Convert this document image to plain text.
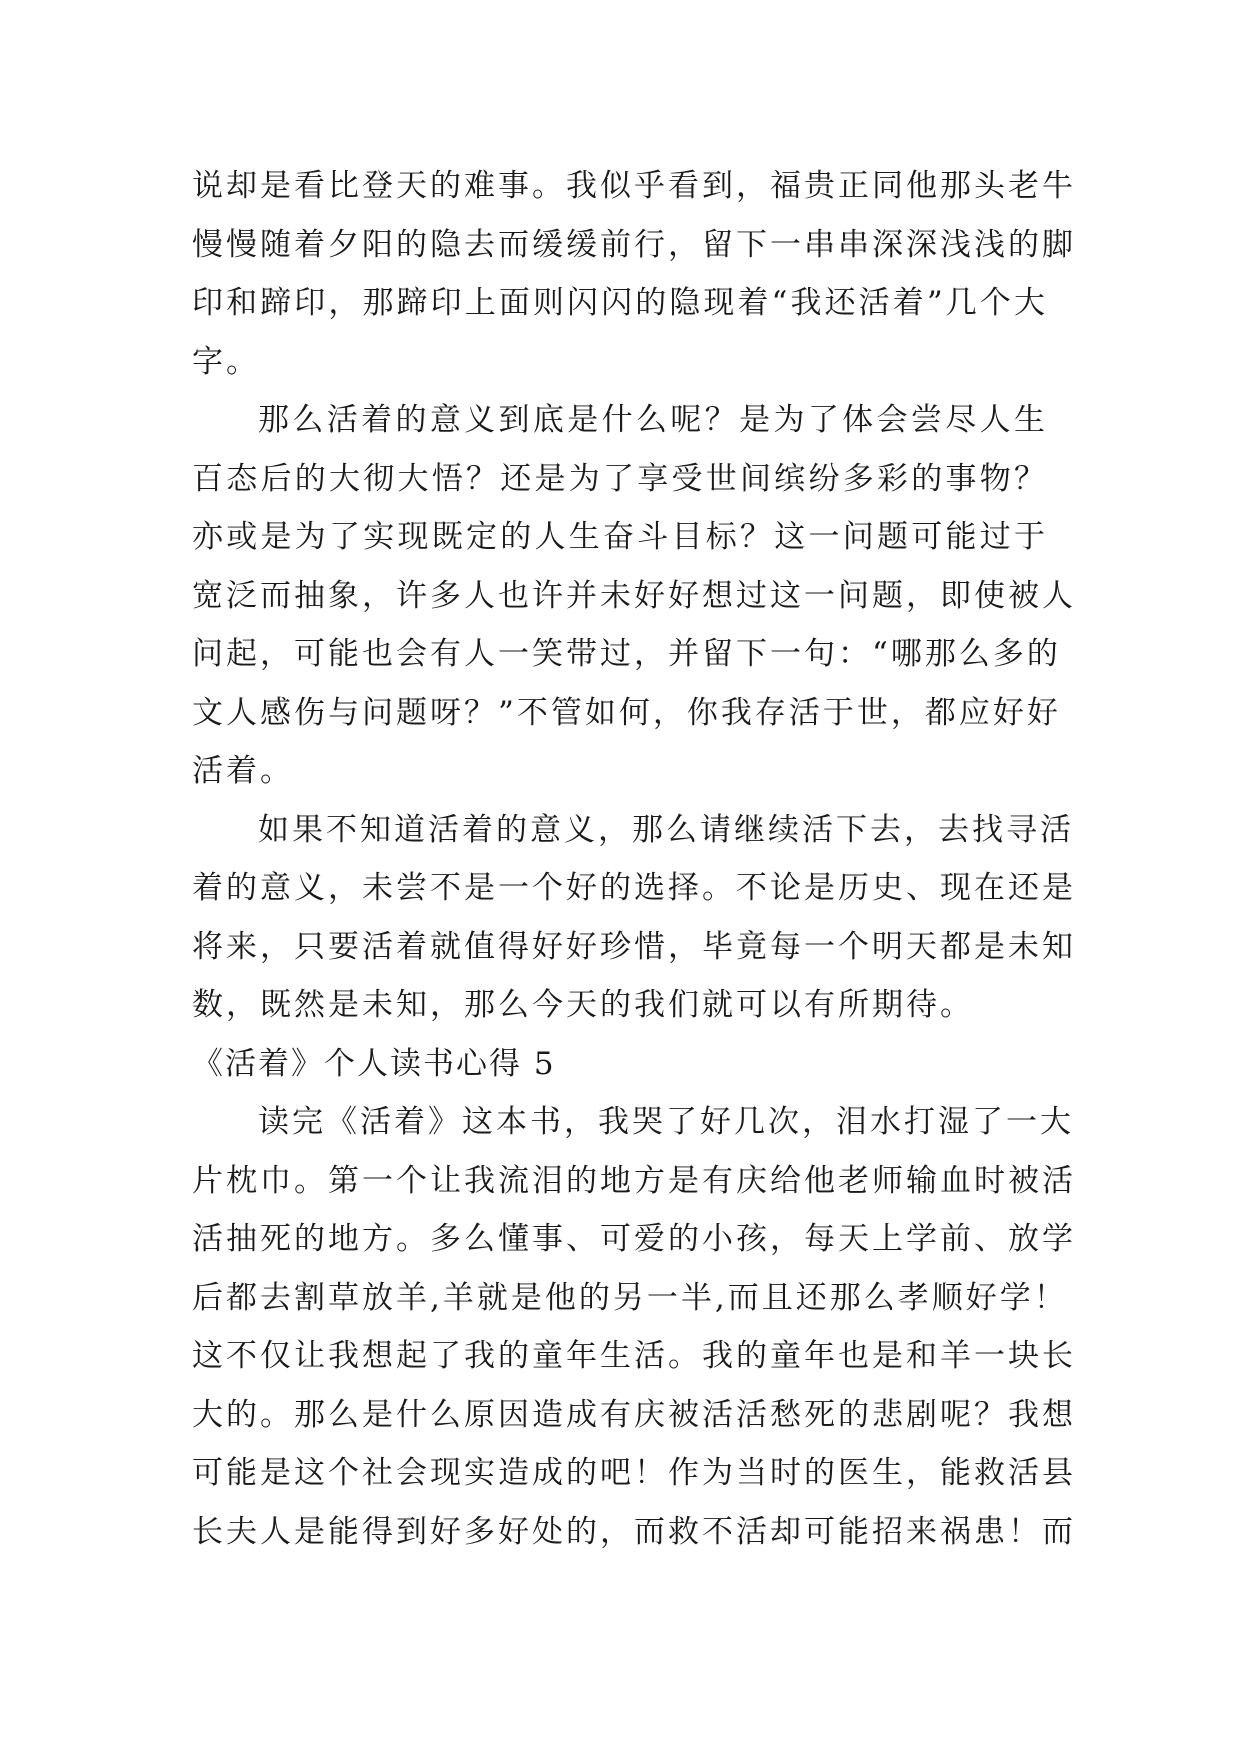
说却是看比登天的难事。我似乎看到，福贵正同他那头老牛
慢慢随着夕阳的隐去而缓缓前行，留下一串串深深浅浅的脚
印和蹄印，那蹄印上面则闪闪的隐现着“我还活着”几个大
字。
那么活着的意义到底是什么呢？是为了体会尝尽人生
百态后的大彻大悟？还是为了享受世间缤纷多彩的事物？
亦或是为了实现既定的人生奋斗目标？这一问题可能过于
宽泛而抽象，许多人也许并未好好想过这一问题，即使被人
问起，可能也会有人一笑带过，并留下一句：“哪那么多的
文人感伤与问题呀？”不管如何，你我存活于世，都应好好
活着。
如果不知道活着的意义，那么请继续活下去，去找寻活
着的意义，未尝不是一个好的选择。不论是历史、现在还是
将来，只要活着就值得好好珍惜，毕竟每一个明天都是未知
数，既然是未知，那么今天的我们就可以有所期待。
《活着》个人读书心得 5
读完《活着》这本书，我哭了好几次，泪水打湿了一大
片枕巾。第一个让我流泪的地方是有庆给他老师输血时被活
活抽死的地方。多么懂事、可爱的小孩，每天上学前、放学
后都去割草放羊,羊就是他的另一半,而且还那么孝顺好学！
这不仅让我想起了我的童年生活。我的童年也是和羊一块长
大的。那么是什么原因造成有庆被活活愁死的悲剧呢？我想
可能是这个社会现实造成的吧！作为当时的医生，能救活县
长夫人是能得到好多好处的，而救不活却可能招来祸患！而
